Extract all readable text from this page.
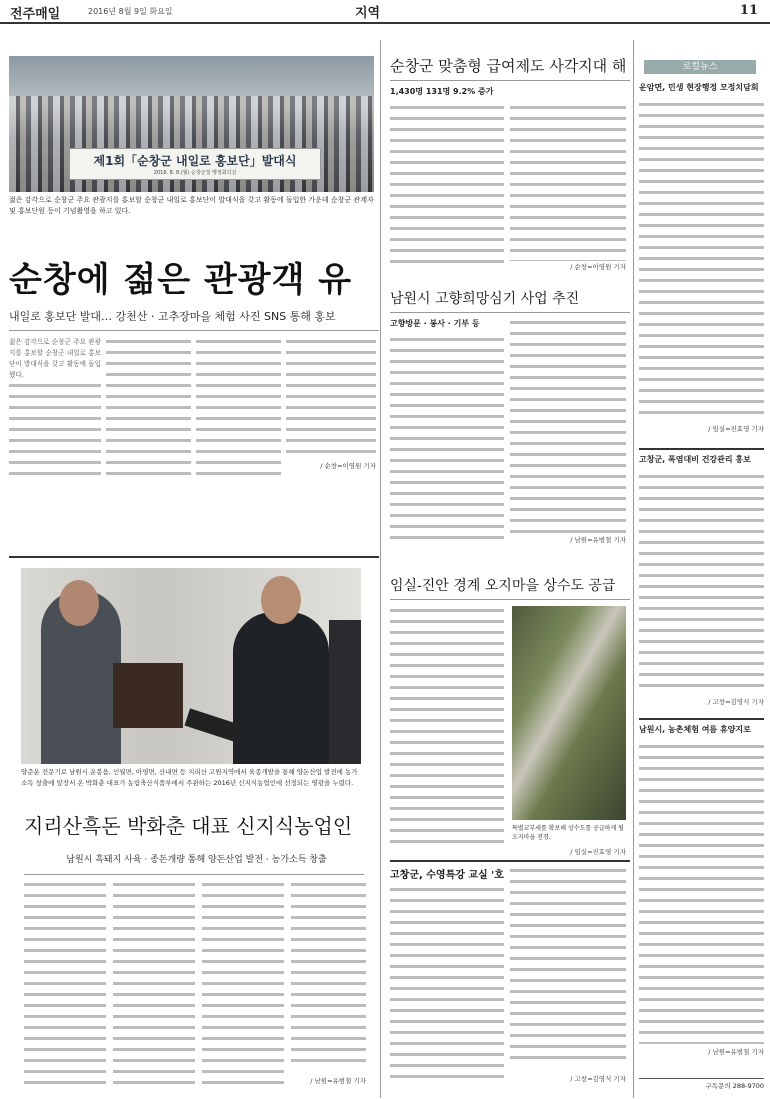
전주매일	2016년 8월 9일 화요일	지역	11
제1회「순창군 내일로 홍보단」발대식
2016. 8. 8.(월) 순창군청 행정회의실
젊은 감각으로 순창군 주요 관광지를 홍보할 순창군 내일로 홍보단이 발대식을 갖고 활동에 돌입한 가운데 순창군 관계자 및 홍보단원 등이 기념촬영을 하고 있다.
순창에 젊은 관광객 유
내일로 홍보단 발대… 강천산 · 고추장마을 체험 사진 SNS 통해 홍보
젊은 감각으로 순창군 주요 관광지를 홍보할 순창군 내일로 홍보단이 발대식을 갖고 활동에 돌입했다.
/ 순창=이영원 기자
양준운 전문기로 남원시 운봉읍, 인월면, 아영면, 산내면 등 지리산 고원지역에서 육종개발을 통해 양돈산업 발전에 농가소득 창출에 앞장서 온 박화춘 대표가 농림축산식품부에서 주관하는 2016년 신지식농업인에 선정되는 영광을 누렸다.
지리산흑돈 박화춘 대표 신지식농업인
남원시 흑돼지 사육 · 종돈개량 통해 양돈산업 발전 · 농가소득 창출
/ 남원=유범철 기자
순창군 맞춤형 급여제도 사각지대 해
1,430명 131명 9.2% 증가
/ 순창=이영원 기자
남원시 고향희망심기 사업 추진
고향방문 · 봉사 · 기부 등
/ 남원=유범철 기자
임실-진안 경계 오지마을 상수도 공급
특별교부세를 확보해 상수도를 공급하게 될 오지마을 전경.
/ 임실=진효영 기자
고창군, 수영특강 교실 '호
/ 고창=김영식 기자
로컬뉴스
운암면, 민생 현장행정 모정치담회
/ 임실=진효영 기자
고창군, 폭염대비 건강관리 홍보
/ 고창=김영식 기자
남원시, 농촌체험 여름 휴양지로
/ 남원=유범철 기자
구독문의 288-9700
